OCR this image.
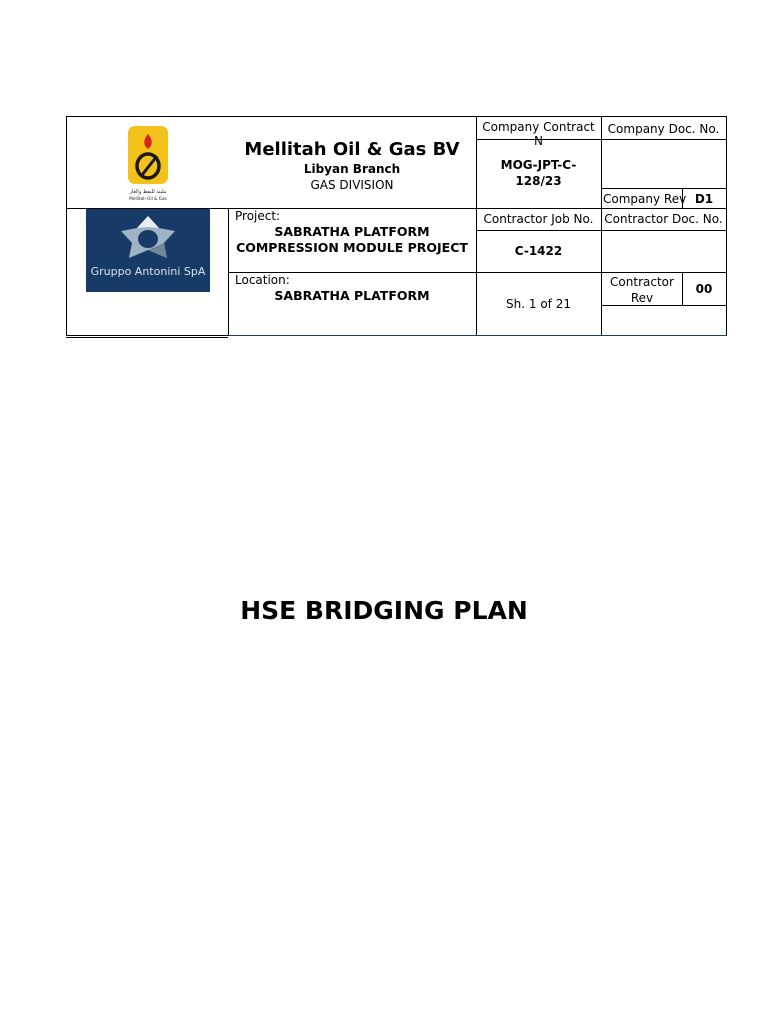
مليتة للنفط والغاز
Mellitah Oil & Gas
Gruppo Antonini SpA
Mellitah Oil & Gas BV
Libyan Branch
GAS DIVISION
Project:
SABRATHA PLATFORM
COMPRESSION MODULE PROJECT
Location:
SABRATHA PLATFORM
Company Contract N
MOG-JPT-C-128/23
Contractor Job No.
C-1422
Sh. 1 of 21
Company Doc. No.
Company Rev D1
Contractor Doc. No.
Contractor Rev
00
HSE BRIDGING PLAN
